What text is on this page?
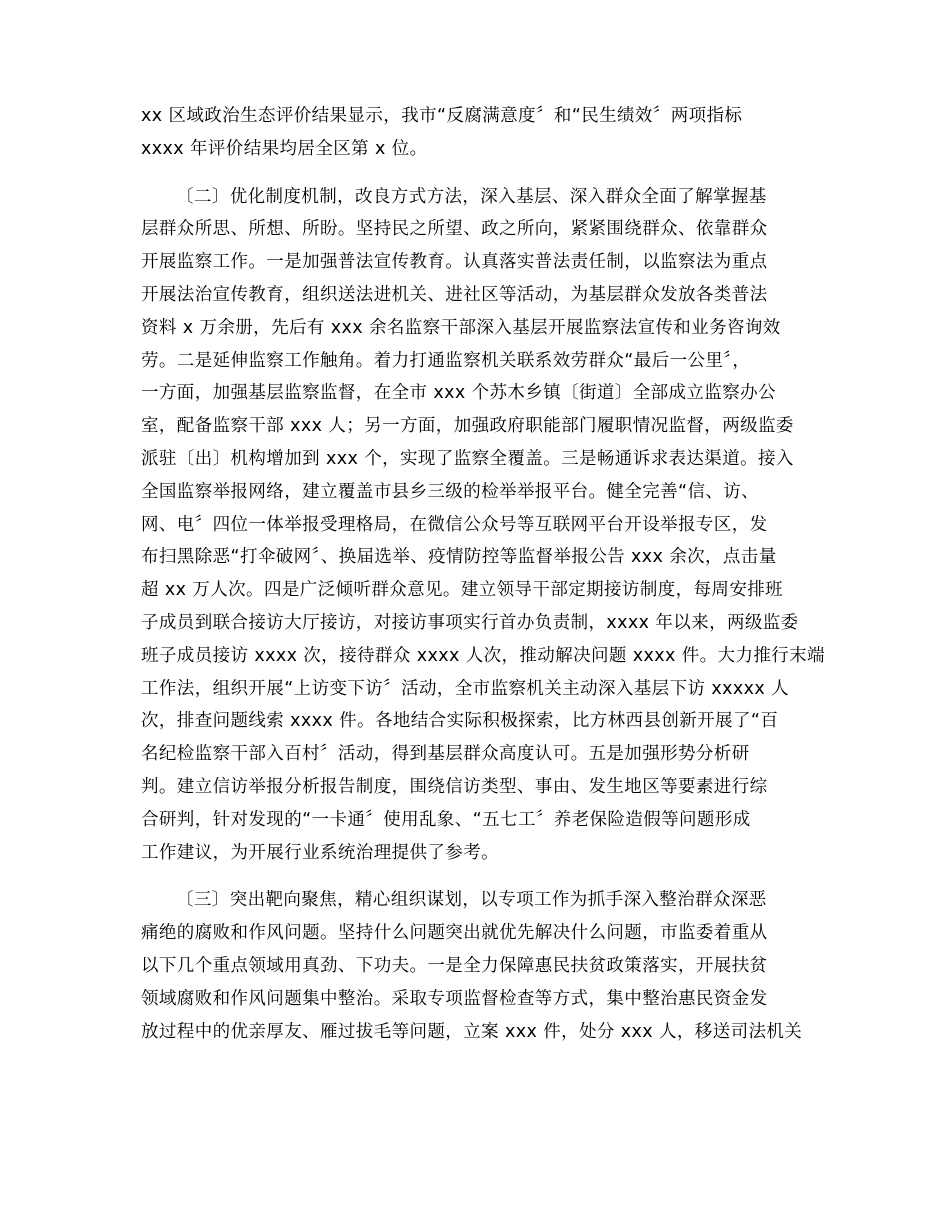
xx 区域政治生态评价结果显示，我市“反腐满意度〞和“民生绩效〞两项指标
xxxx 年评价结果均居全区第 x 位。
〔二〕优化制度机制，改良方式方法，深入基层、深入群众全面了解掌握基
层群众所思、所想、所盼。坚持民之所望、政之所向，紧紧围绕群众、依靠群众
开展监察工作。一是加强普法宣传教育。认真落实普法责任制，以监察法为重点
开展法治宣传教育，组织送法进机关、进社区等活动，为基层群众发放各类普法
资料 x 万余册，先后有 xxx 余名监察干部深入基层开展监察法宣传和业务咨询效
劳。二是延伸监察工作触角。着力打通监察机关联系效劳群众“最后一公里〞，
一方面，加强基层监察监督，在全市 xxx 个苏木乡镇〔街道〕全部成立监察办公
室，配备监察干部 xxx 人；另一方面，加强政府职能部门履职情况监督，两级监委
派驻〔出〕机构增加到 xxx 个，实现了监察全覆盖。三是畅通诉求表达渠道。接入
全国监察举报网络，建立覆盖市县乡三级的检举举报平台。健全完善“信、访、
网、电〞四位一体举报受理格局，在微信公众号等互联网平台开设举报专区，发
布扫黑除恶“打伞破网〞、换届选举、疫情防控等监督举报公告 xxx 余次，点击量
超 xx 万人次。四是广泛倾听群众意见。建立领导干部定期接访制度，每周安排班
子成员到联合接访大厅接访，对接访事项实行首办负责制，xxxx 年以来，两级监委
班子成员接访 xxxx 次，接待群众 xxxx 人次，推动解决问题 xxxx 件。大力推行末端
工作法，组织开展“上访变下访〞活动，全市监察机关主动深入基层下访 xxxxx 人
次，排查问题线索 xxxx 件。各地结合实际积极探索，比方林西县创新开展了“百
名纪检监察干部入百村〞活动，得到基层群众高度认可。五是加强形势分析研
判。建立信访举报分析报告制度，围绕信访类型、事由、发生地区等要素进行综
合研判，针对发现的“一卡通〞使用乱象、“五七工〞养老保险造假等问题形成
工作建议，为开展行业系统治理提供了参考。
〔三〕突出靶向聚焦，精心组织谋划，以专项工作为抓手深入整治群众深恶
痛绝的腐败和作风问题。坚持什么问题突出就优先解决什么问题，市监委着重从
以下几个重点领域用真劲、下功夫。一是全力保障惠民扶贫政策落实，开展扶贫
领域腐败和作风问题集中整治。采取专项监督检查等方式，集中整治惠民资金发
放过程中的优亲厚友、雁过拔毛等问题，立案 xxx 件，处分 xxx 人，移送司法机关
